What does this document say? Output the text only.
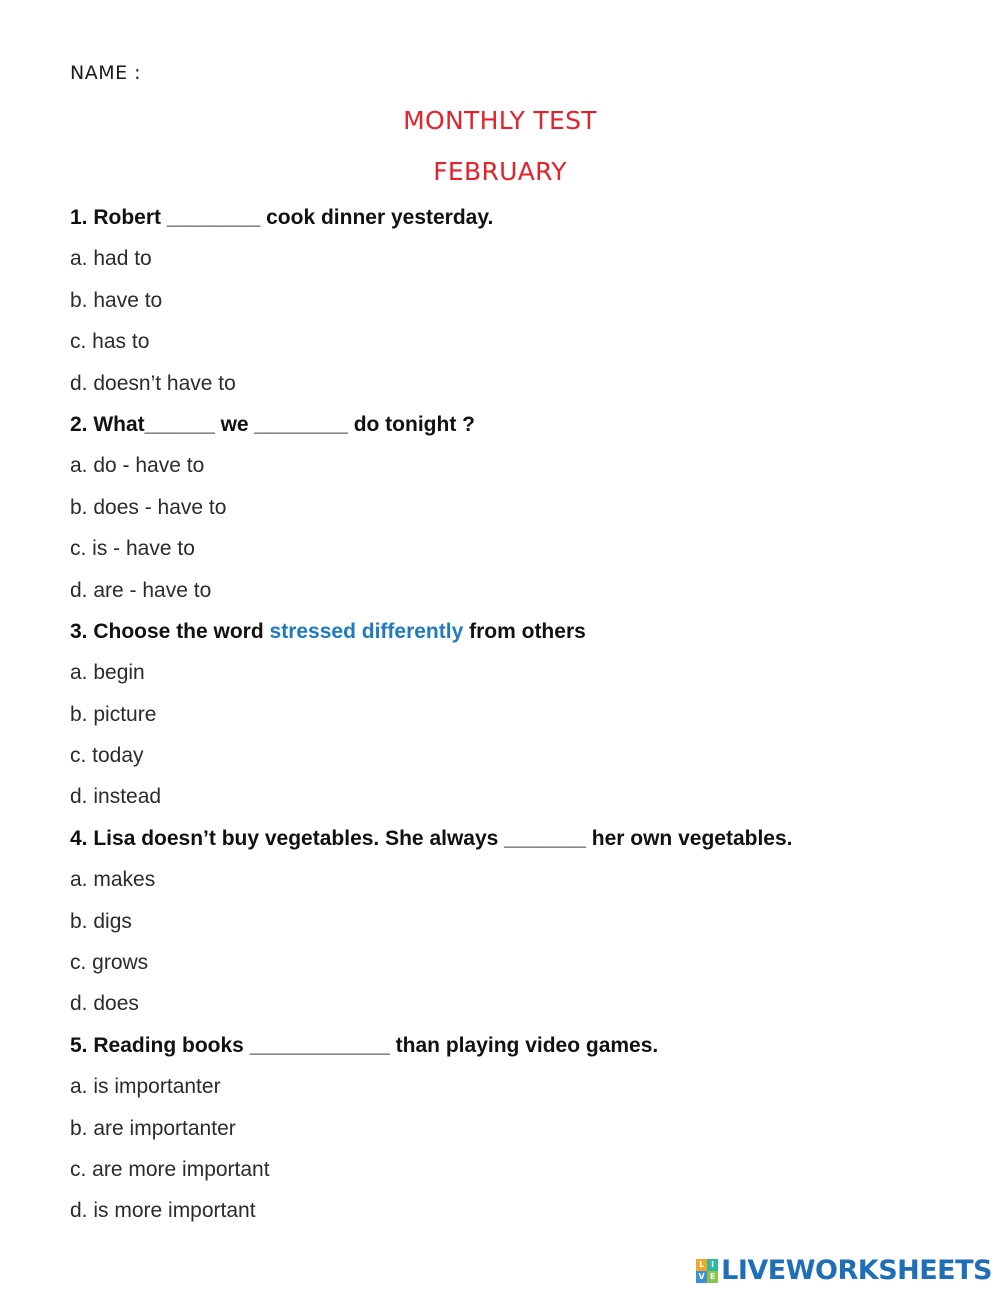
NAME :
MONTHLY TEST
FEBRUARY
1. Robert ________ cook dinner yesterday.
a. had to
b. have to
c. has to
d. doesn’t have to
2. What______ we ________ do tonight ?
a. do - have to
b. does - have to
c. is - have to
d. are - have to
3. Choose the word stressed differently from others
a. begin
b. picture
c. today
d. instead
4. Lisa doesn’t buy vegetables. She always _______ her own vegetables.
a. makes
b. digs
c. grows
d. does
5. Reading books ____________ than playing video games.
a. is importanter
b. are importanter
c. are more important
d. is more important
L I
V E LIVEWORKSHEETS
